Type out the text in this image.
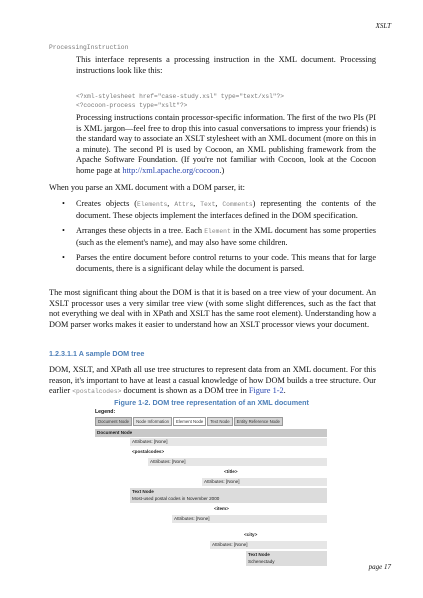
XSLT
ProcessingInstruction

This interface represents a processing instruction in the XML document. Processing instructions look like this:

<?xml-stylesheet href="case-study.xsl" type="text/xsl"?>
<?cocoon-process type="xslt"?>

Processing instructions contain processor-specific information. The first of the two PIs (PI is XML jargon—feel free to drop this into casual conversations to impress your friends) is the standard way to associate an XSLT stylesheet with an XML document (more on this in a minute). The second PI is used by Cocoon, an XML publishing framework from the Apache Software Foundation. (If you're not familiar with Cocoon, look at the Cocoon home page at http://xml.apache.org/cocoon.)

When you parse an XML document with a DOM parser, it:

• Creates objects (Elements, Attrs, Text, Comments) representing the contents of the document. These objects implement the interfaces defined in the DOM specification.
• Arranges these objects in a tree. Each Element in the XML document has some properties (such as the element's name), and may also have some children.
• Parses the entire document before control returns to your code. This means that for large documents, there is a significant delay while the document is parsed.

The most significant thing about the DOM is that it is based on a tree view of your document. An XSLT processor uses a very similar tree view (with some slight differences, such as the fact that not everything we deal with in XPath and XSLT has the same root element). Understanding how a DOM parser works makes it easier to understand how an XSLT processor views your document.

1.2.3.1.1 A sample DOM tree

DOM, XSLT, and XPath all use tree structures to represent data from an XML document. For this reason, it's important to have at least a casual knowledge of how DOM builds a tree structure. Our earlier <postalcodes> document is shown as a DOM tree in Figure 1-2.

Figure 1-2. DOM tree representation of an XML document
Legend:
Document Node	Node Information	Element Node	Text Node	Entity Reference Node
Document Node
Attributes: [None]
<postalcodes>
Attributes: [None]
<title>
Attributes: [None]
Text Node
Most-used postal codes in November 2000
<item>
Attributes: [None]
<city>
Attributes: [None]
Text Node
Schenectady
page 17
